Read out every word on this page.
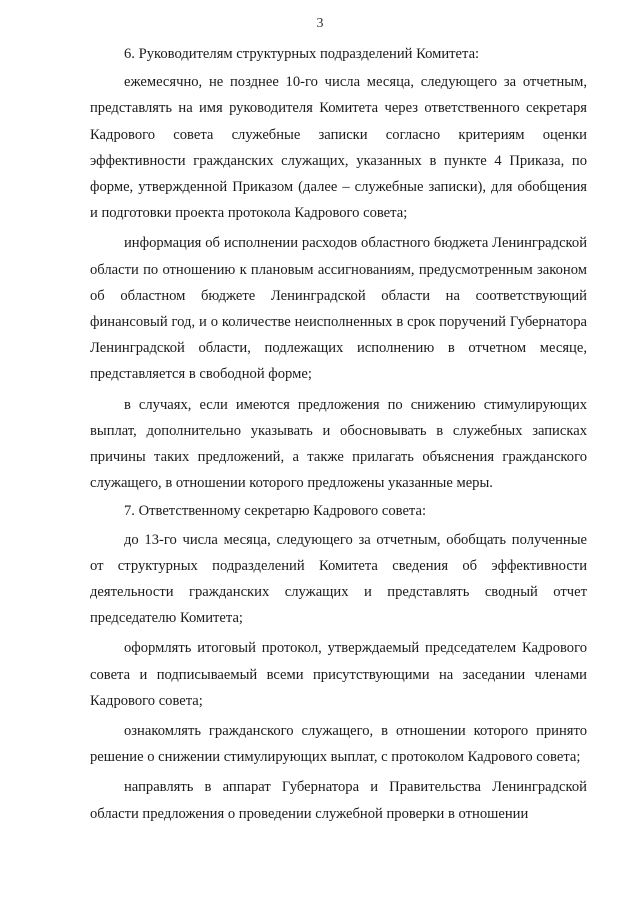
3

6. Руководителям структурных подразделений Комитета:

ежемесячно, не позднее 10-го числа месяца, следующего за отчетным, представлять на имя руководителя Комитета через ответственного секретаря Кадрового совета служебные записки согласно критериям оценки эффективности гражданских служащих, указанных в пункте 4 Приказа, по форме, утвержденной Приказом (далее – служебные записки), для обобщения и подготовки проекта протокола Кадрового совета;

информация об исполнении расходов областного бюджета Ленинградской области по отношению к плановым ассигнованиям, предусмотренным законом об областном бюджете Ленинградской области на соответствующий финансовый год, и о количестве неисполненных в срок поручений Губернатора Ленинградской области, подлежащих исполнению в отчетном месяце, представляется в свободной форме;

в случаях, если имеются предложения по снижению стимулирующих выплат, дополнительно указывать и обосновывать в служебных записках причины таких предложений, а также прилагать объяснения гражданского служащего, в отношении которого предложены указанные меры.

7. Ответственному секретарю Кадрового совета:

до 13-го числа месяца, следующего за отчетным, обобщать полученные от структурных подразделений Комитета сведения об эффективности деятельности гражданских служащих и представлять сводный отчет председателю Комитета;

оформлять итоговый протокол, утверждаемый председателем Кадрового совета и подписываемый всеми присутствующими на заседании членами Кадрового совета;

ознакомлять гражданского служащего, в отношении которого принято решение о снижении стимулирующих выплат, с протоколом Кадрового совета;

направлять в аппарат Губернатора и Правительства Ленинградской области предложения о проведении служебной проверки в отношении
